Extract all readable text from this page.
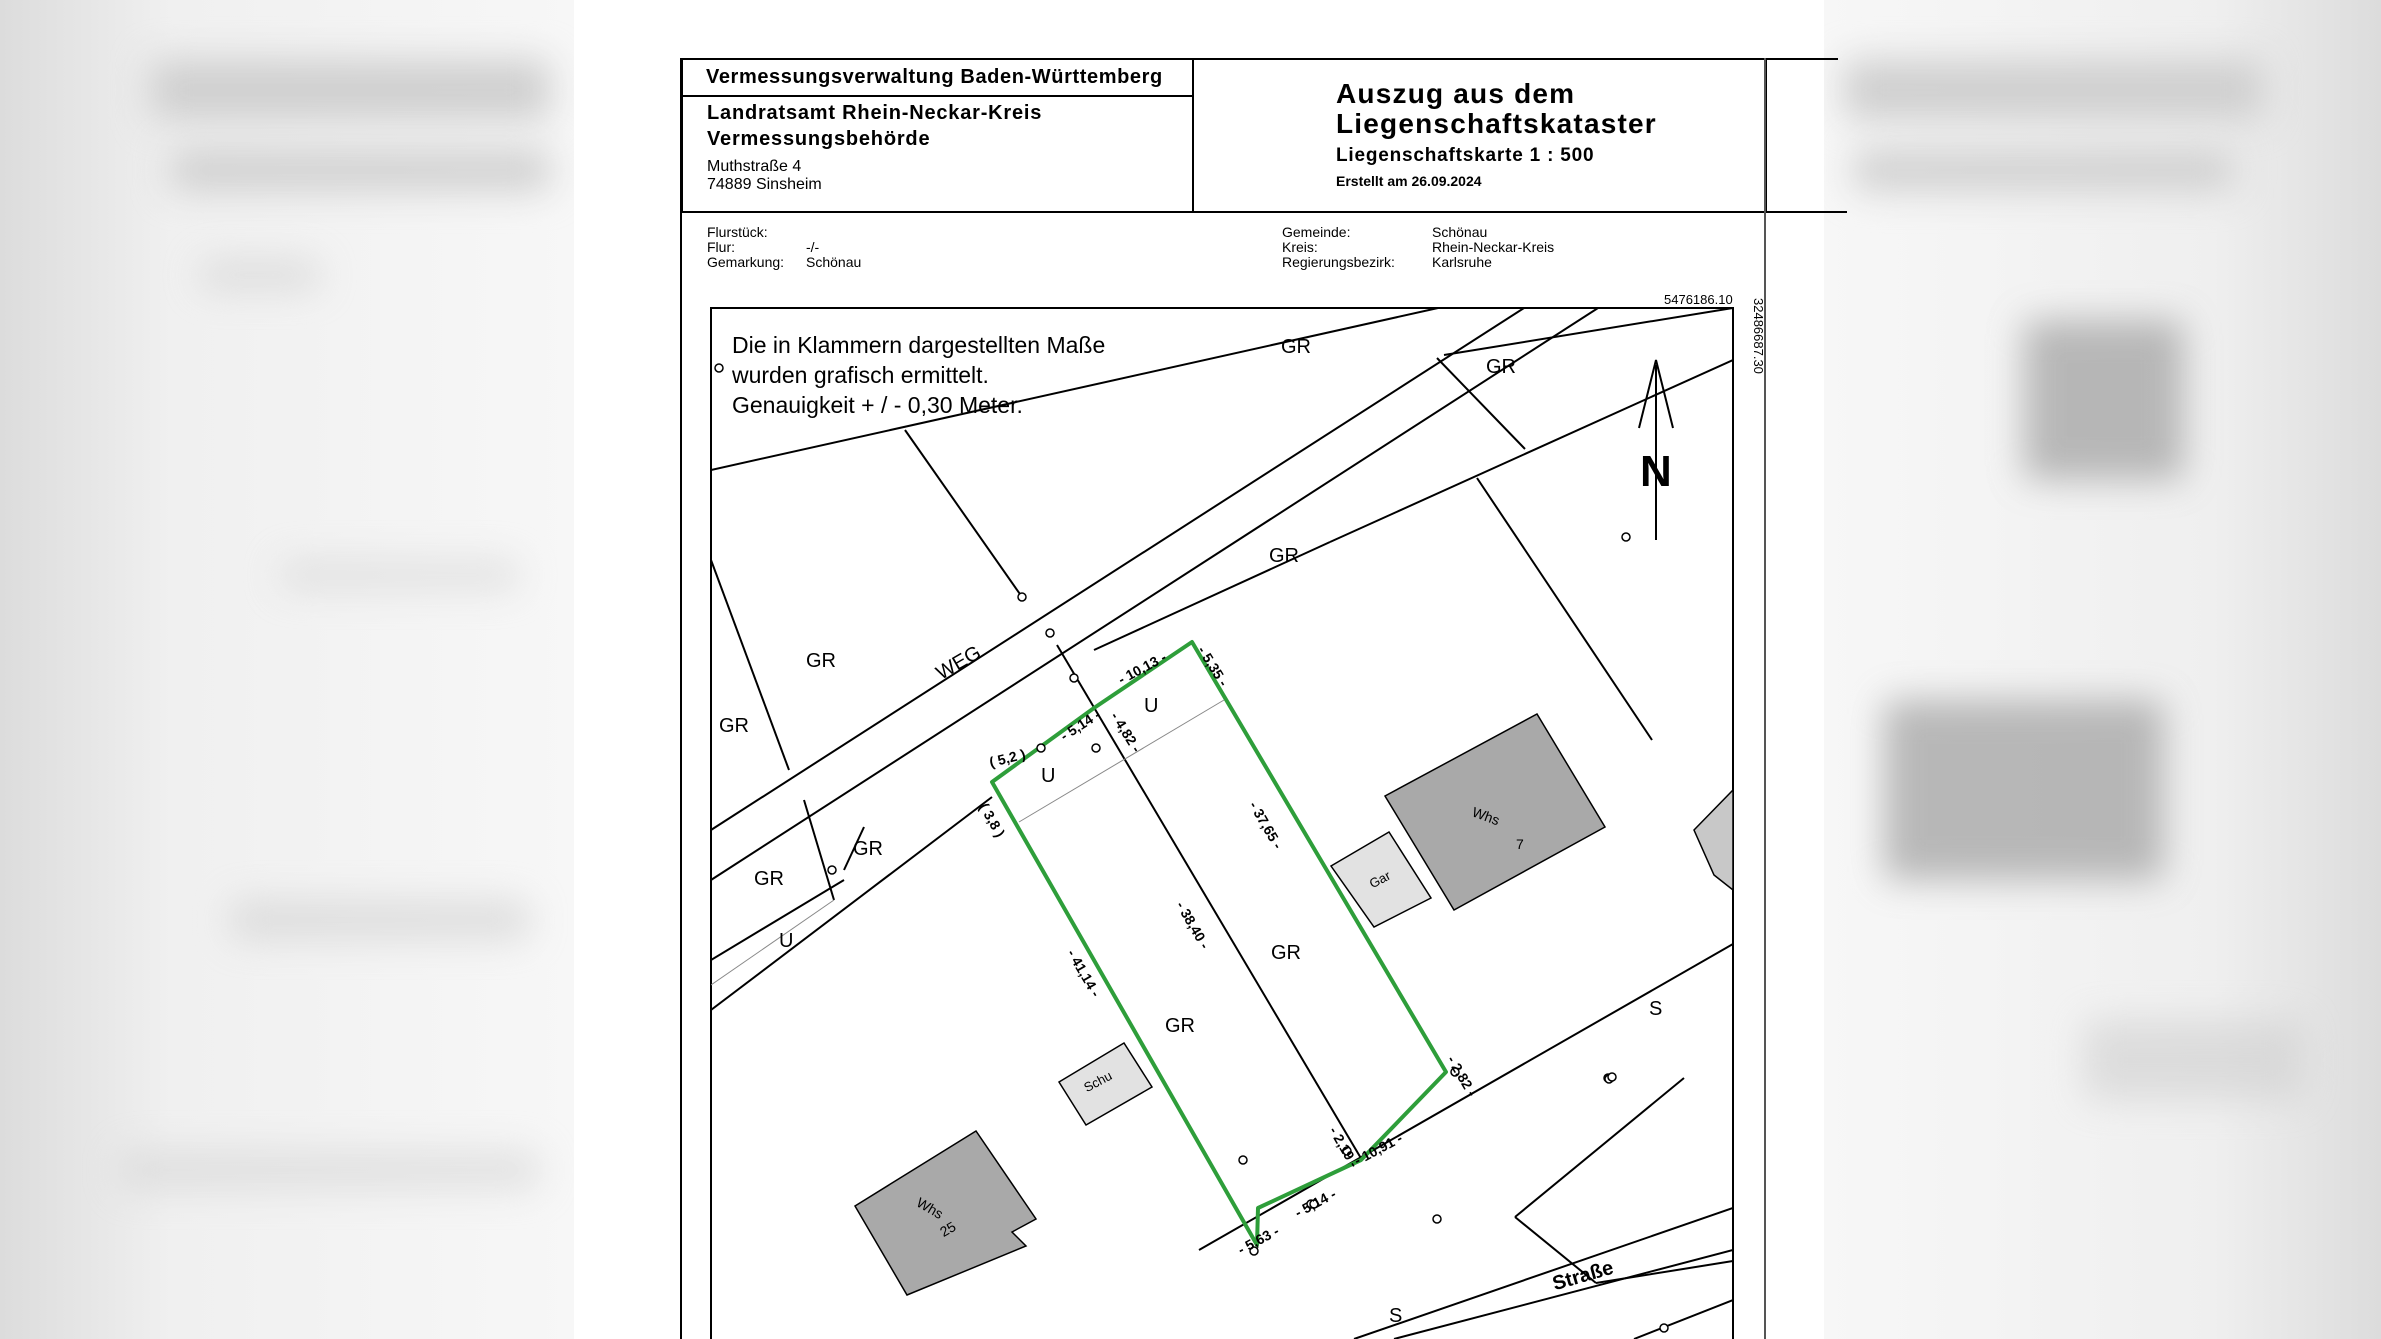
Vermessungsverwaltung Baden-Württemberg
Landratsamt Rhein-Neckar-Kreis
Vermessungsbehörde
Muthstraße 4
74889 Sinsheim
Auszug aus dem
Liegenschaftskataster
Liegenschaftskarte 1 : 500
Erstellt am 26.09.2024
Flurstück:
Flur:	-/-
Gemarkung: Schönau
Gemeinde:	Schönau
Kreis:	Rhein-Neckar-Kreis
Regierungsbezirk:	Karlsruhe
5476186.10 32486687.30
Die in Klammern dargestellten Maße
wurden grafisch ermittelt.
Genauigkeit + / - 0,30 Meter.
GR
GR
GR
GR
GR
GR
GR
GR
GR
U
U
U
WEG
Straße
S
S
N
Whs
7
Gar
Whs
25
Schu
- 10,13 - - 5,35 -
- 5,14 - - 4,82 -
( 5,2 )
( 3,8 )	- 37,65 -
- 38,40 -
- 41,14 -
- 2,82 -
- 2,19 -
- 10,91 -
- 5,14 -
- 5,63 -
